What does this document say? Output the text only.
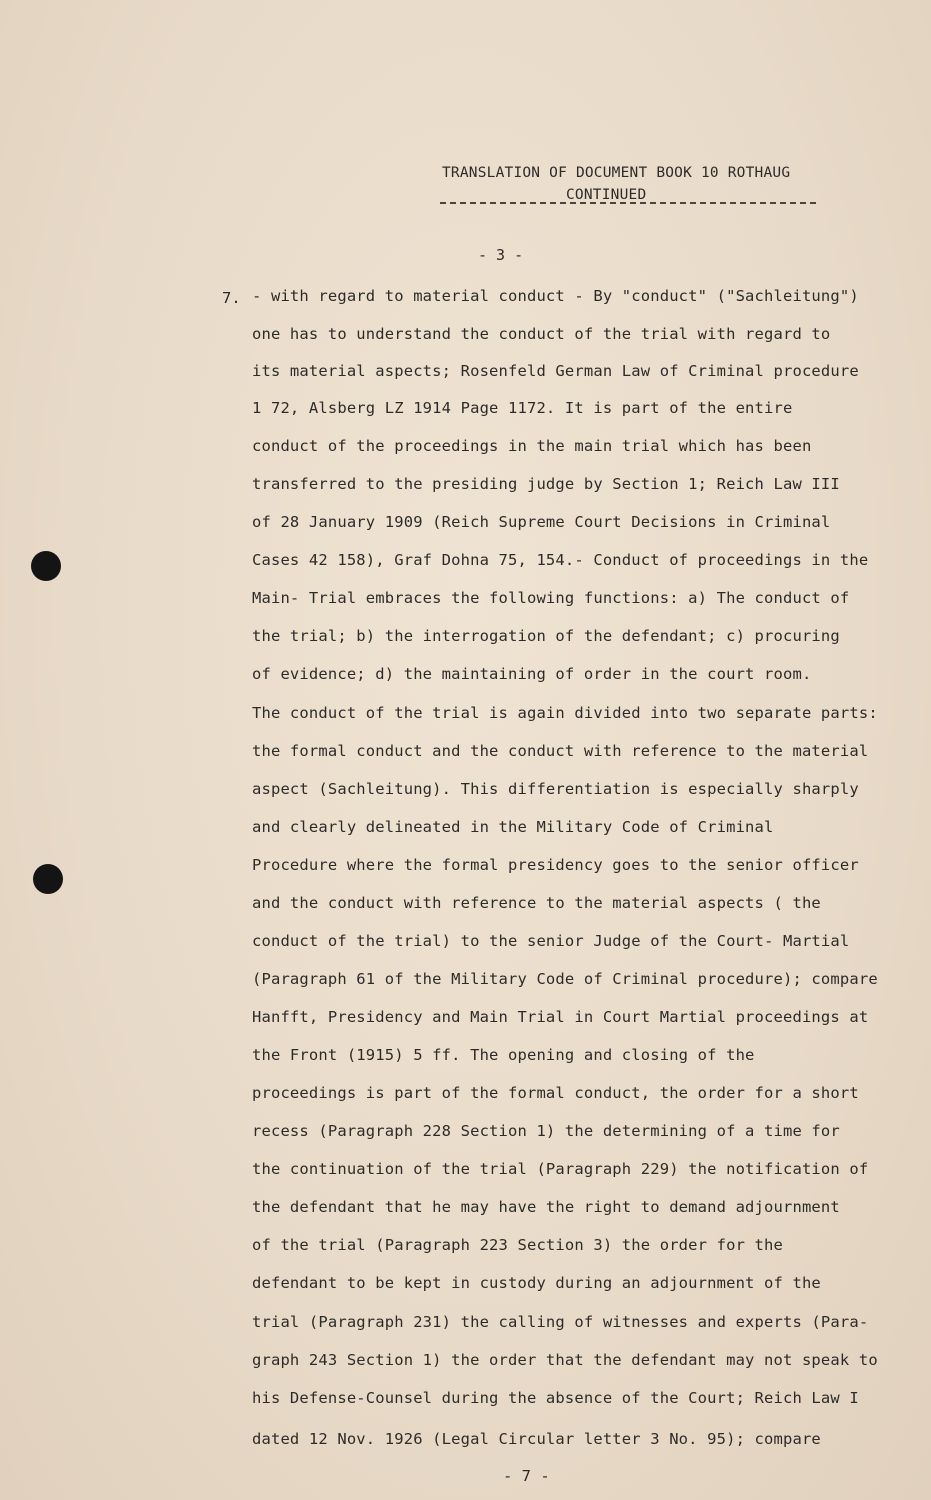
TRANSLATION OF DOCUMENT BOOK 10 ROTHAUG
CONTINUED
- 3 -
7. - with regard to material conduct - By "conduct" ("Sachleitung")
one has to understand the conduct of the trial with regard to
its material aspects; Rosenfeld German Law of Criminal procedure
1 72, Alsberg LZ 1914 Page 1172. It is part of the entire
conduct of the proceedings in the main trial which has been
transferred to the presiding judge by Section 1; Reich Law III
of 28 January 1909 (Reich Supreme Court Decisions in Criminal
Cases 42 158), Graf Dohna 75, 154.- Conduct of proceedings in the
Main- Trial embraces the following functions: a) The conduct of
the trial; b) the interrogation of the defendant; c) procuring
of evidence; d) the maintaining of order in the court room.
The conduct of the trial is again divided into two separate parts:
the formal conduct and the conduct with reference to the material
aspect (Sachleitung). This differentiation is especially sharply
and clearly delineated in the Military Code of Criminal
Procedure where the formal presidency goes to the senior officer
and the conduct with reference to the material aspects ( the
conduct of the trial) to the senior Judge of the Court- Martial
(Paragraph 61 of the Military Code of Criminal procedure); compare
Hanfft, Presidency and Main Trial in Court Martial proceedings at
the Front (1915) 5 ff. The opening and closing of the
proceedings is part of the formal conduct, the order for a short
recess (Paragraph 228 Section 1) the determining of a time for
the continuation of the trial (Paragraph 229) the notification of
the defendant that he may have the right to demand adjournment
of the trial (Paragraph 223 Section 3) the order for the
defendant to be kept in custody during an adjournment of the
trial (Paragraph 231) the calling of witnesses and experts (Para-
graph 243 Section 1) the order that the defendant may not speak to
his Defense-Counsel during the absence of the Court; Reich Law I
dated 12 Nov. 1926 (Legal Circular letter 3 No. 95); compare
- 7 -
